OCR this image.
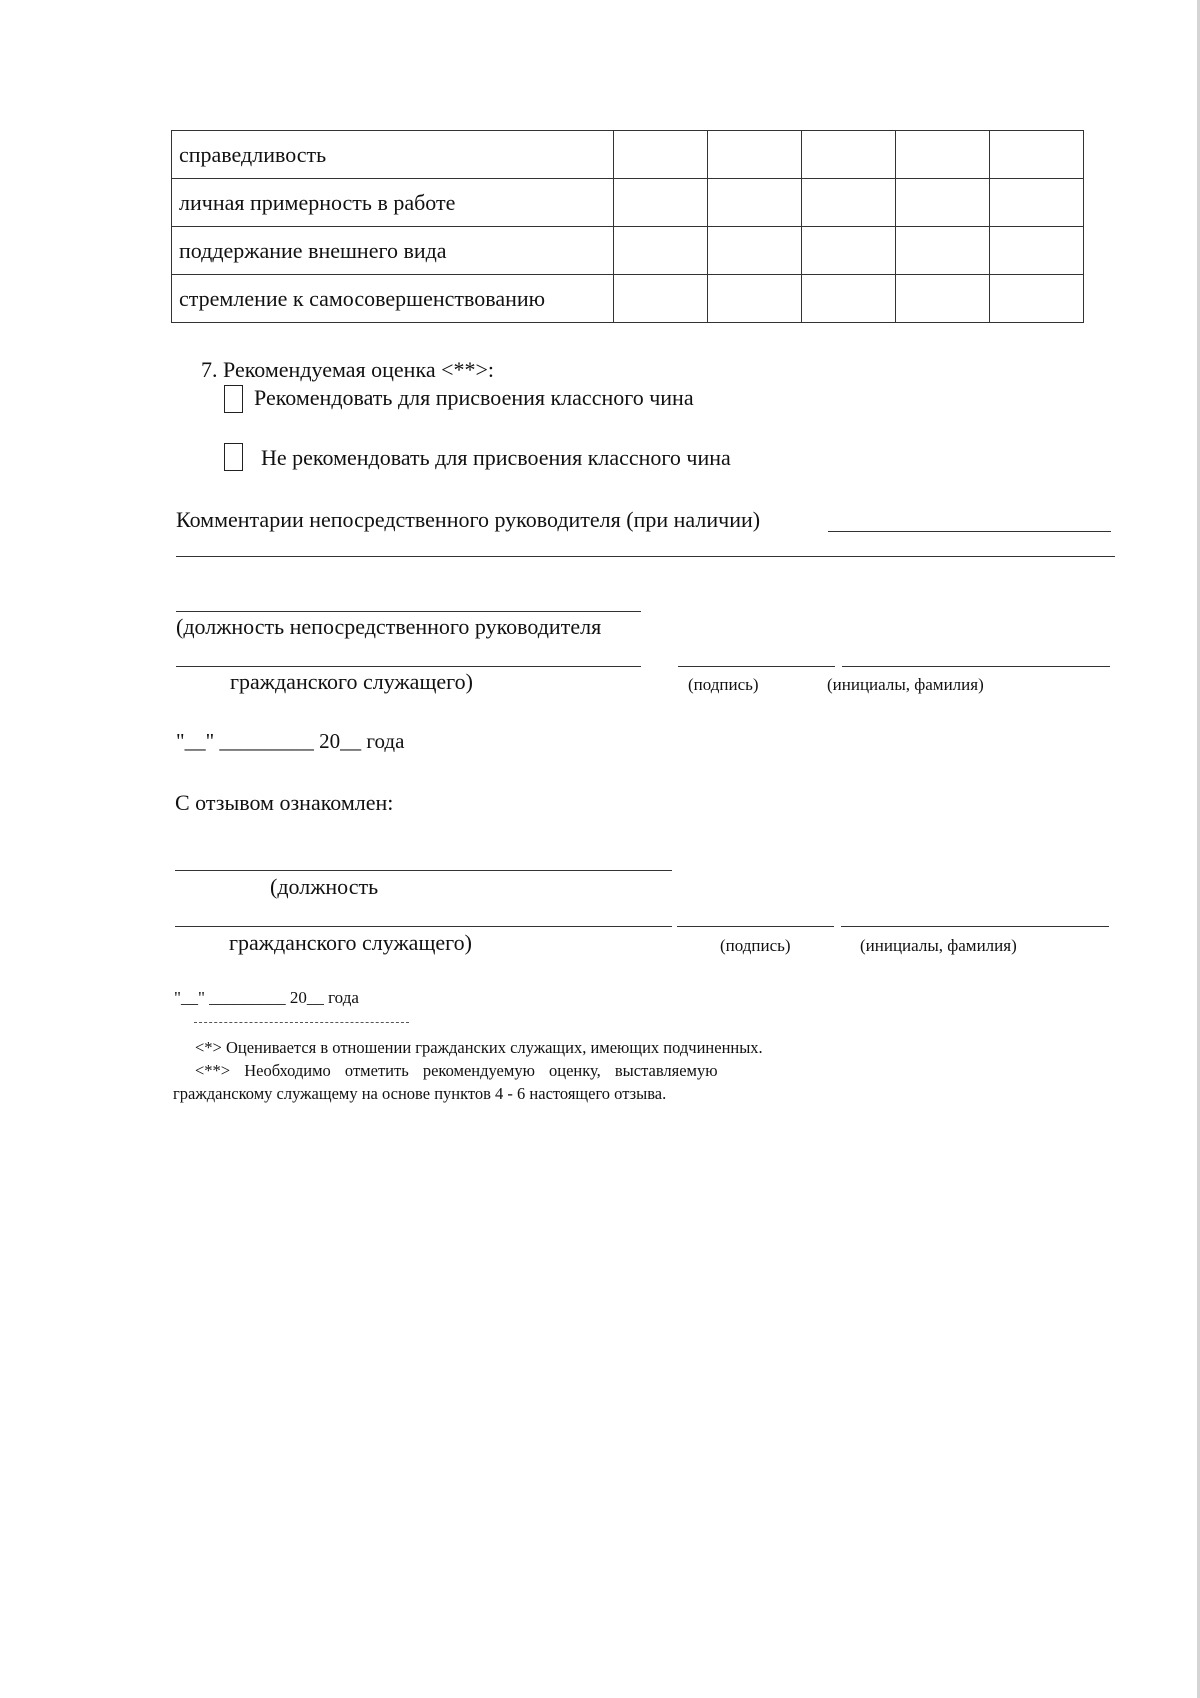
справедливость					
личная примерность в работе					
поддержание внешнего вида					
стремление к самосовершенствованию					
7. Рекомендуемая оценка <**>:
Рекомендовать для присвоения классного чина
Не рекомендовать для присвоения классного чина
Комментарии непосредственного руководителя (при наличии)
(должность непосредственного руководителя
гражданского служащего)	(подпись)	(инициалы, фамилия)
"__" _________ 20__ года
С отзывом ознакомлен:
(должность
гражданского служащего)	(подпись)	(инициалы, фамилия)
"__" _________ 20__ года
<*> Оценивается в отношении гражданских служащих, имеющих подчиненных.
<**> Необходимо отметить рекомендуемую оценку, выставляемую
гражданскому служащему на основе пунктов 4 - 6 настоящего отзыва.
